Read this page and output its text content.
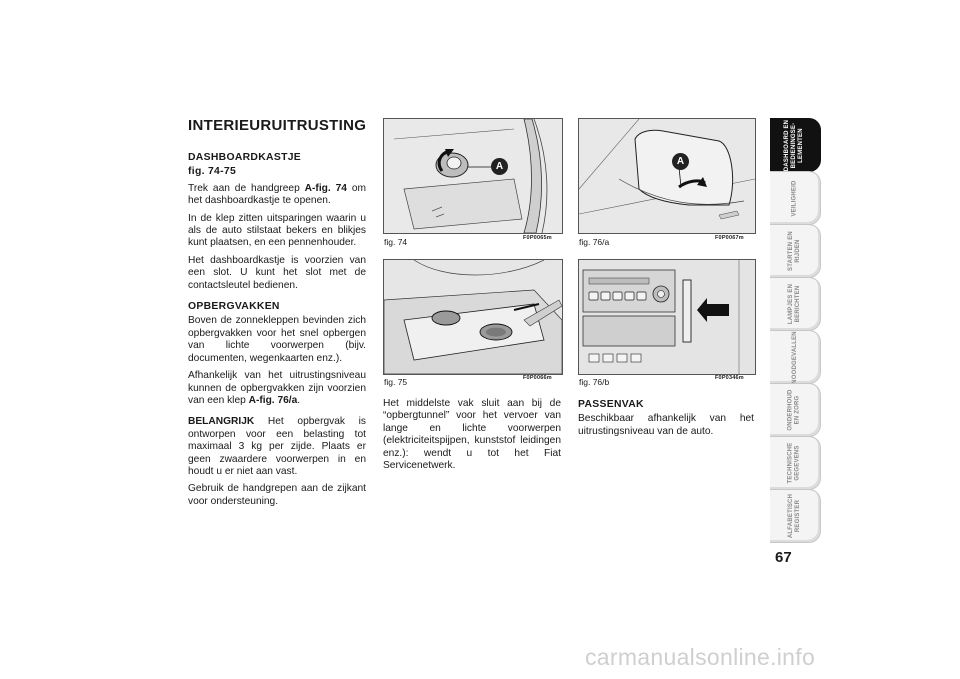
INTERIEURUITRUSTING
DASHBOARDKASTJE
fig. 74-75

Trek aan de handgreep A-fig. 74 om het dashboardkastje te openen.

In de klep zitten uitsparingen waarin u als de auto stilstaat bekers en blikjes kunt plaatsen, en een pennenhouder.

Het dashboardkastje is voorzien van een slot. U kunt het slot met de contactsleutel bedienen.

OPBERGVAKKEN

Boven de zonnekleppen bevinden zich opbergvakken voor het snel opbergen van lichte voorwerpen (bijv. documenten, wegenkaarten enz.).

Afhankelijk van het uitrustingsniveau kunnen de opbergvakken zijn voorzien van een klep A-fig. 76/a.

BELANGRIJK Het opbergvak is ontworpen voor een belasting tot maximaal 3 kg per zijde. Plaats er geen zwaardere voorwerpen in en houdt u er niet aan vast.

Gebruik de handgrepen aan de zijkant voor ondersteuning.

A
fig. 74	F0P0065m
fig. 75	F0P0066m

Het middelste vak sluit aan bij de “opbergtunnel” voor het vervoer van lange en lichte voorwerpen (elektriciteitspijpen, kunststof leidingen enz.): wendt u tot het Fiat Servicenetwerk.

A
fig. 76/a	F0P0067m
fig. 76/b	F0P0346m
PASSENVAK

Beschikbaar afhankelijk van het uitrustingsniveau van de auto.

DASHBOARD EN
BEDIENINGSE-
LEMENTEN
VEILIGHEID
STARTEN EN
RIJDEN
LAMPJES EN
BERICHTEN
NOODGEVALLEN
ONDERHOUD
EN ZORG
TECHNISCHE
GEGEVENS
ALFABETISCH
REGISTER
67
carmanualsonline.info
